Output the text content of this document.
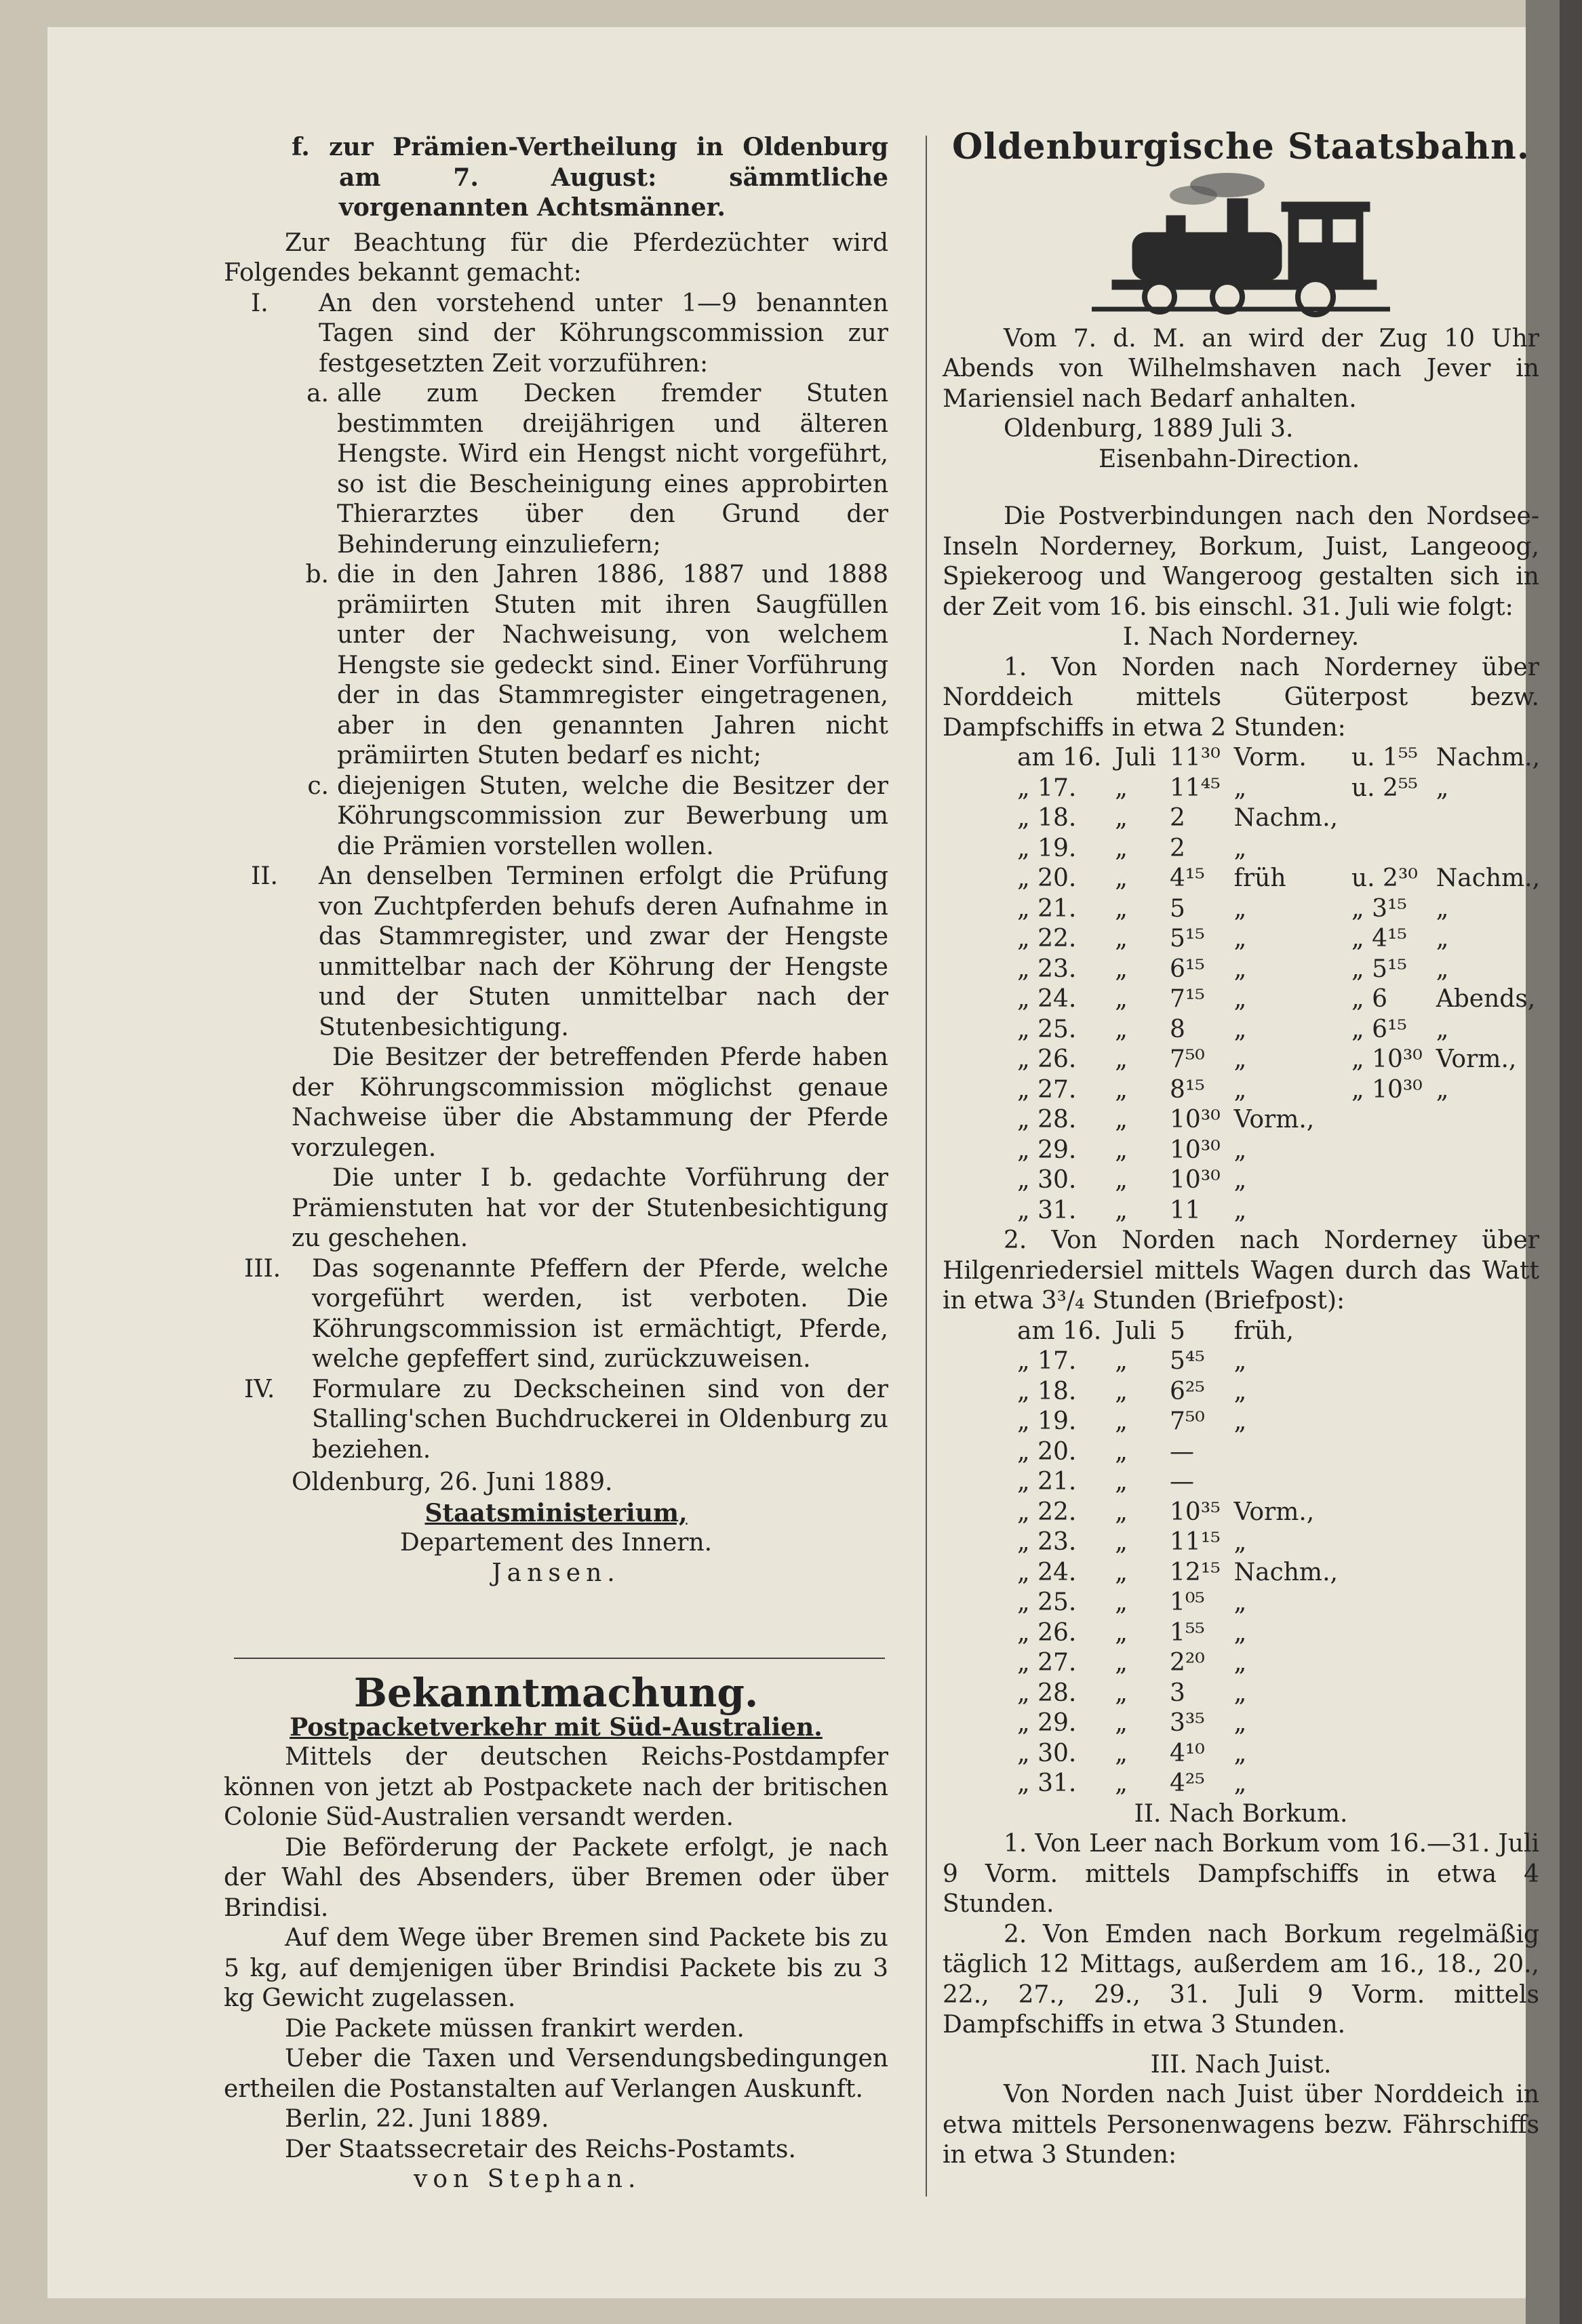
f. zur Prämien-Vertheilung in Oldenburg am 7. August: sämmtliche vorgenannten Achtsmänner.

Zur Beachtung für die Pferdezüchter wird Folgendes bekannt gemacht:

I.	An den vorstehend unter 1—9 benannten Tagen sind der Köhrungscommission zur festgesetzten Zeit vorzuführen:
a. alle zum Decken fremder Stuten bestimmten dreijährigen und älteren Hengste. Wird ein Hengst nicht vorgeführt, so ist die Bescheinigung eines approbirten Thierarztes über den Grund der Behinderung einzuliefern;
b. die in den Jahren 1886, 1887 und 1888 prämiirten Stuten mit ihren Saugfüllen unter der Nachweisung, von welchem Hengste sie gedeckt sind. Einer Vorführung der in das Stammregister eingetragenen, aber in den genannten Jahren nicht prämiirten Stuten bedarf es nicht;
c. diejenigen Stuten, welche die Besitzer der Köhrungscommission zur Bewerbung um die Prämien vorstellen wollen.
II.	An denselben Terminen erfolgt die Prüfung von Zuchtpferden behufs deren Aufnahme in das Stammregister, und zwar der Hengste unmittelbar nach der Köhrung der Hengste und der Stuten unmittelbar nach der Stutenbesichtigung.

Die Besitzer der betreffenden Pferde haben der Köhrungscommission möglichst genaue Nachweise über die Abstammung der Pferde vorzulegen.

Die unter I b. gedachte Vorführung der Prämienstuten hat vor der Stutenbesichtigung zu geschehen.

III.	Das sogenannte Pfeffern der Pferde, welche vorgeführt werden, ist verboten. Die Köhrungscommission ist ermächtigt, Pferde, welche gepfeffert sind, zurückzuweisen.
IV.	Formulare zu Deckscheinen sind von der Stalling'schen Buchdruckerei in Oldenburg zu beziehen.

Oldenburg, 26. Juni 1889.

Staatsministerium,

Departement des Innern.

Jansen.

Bekanntmachung.

Postpacketverkehr mit Süd-Australien.

Mittels der deutschen Reichs-Postdampfer können von jetzt ab Postpackete nach der britischen Colonie Süd-Australien versandt werden.

Die Beförderung der Packete erfolgt, je nach der Wahl des Absenders, über Bremen oder über Brindisi.

Auf dem Wege über Bremen sind Packete bis zu 5 kg, auf demjenigen über Brindisi Packete bis zu 3 kg Gewicht zugelassen.

Die Packete müssen frankirt werden.

Ueber die Taxen und Versendungsbedingungen ertheilen die Postanstalten auf Verlangen Auskunft.

Berlin, 22. Juni 1889.

Der Staatssecretair des Reichs-Postamts.

von Stephan.

Oldenburgische Staatsbahn.

Vom 7. d. M. an wird der Zug 10 Uhr Abends von Wilhelmshaven nach Jever in Mariensiel nach Bedarf anhalten.

Oldenburg, 1889 Juli 3.

Eisenbahn-Direction.

Die Postverbindungen nach den Nordsee-Inseln Norderney, Borkum, Juist, Langeoog, Spiekeroog und Wangeroog gestalten sich in der Zeit vom 16. bis einschl. 31. Juli wie folgt:

I. Nach Norderney.

1. Von Norden nach Norderney über Norddeich mittels Güterpost bezw. Dampfschiffs in etwa 2 Stunden:

am 16.	Juli	11³⁰	Vorm.	u. 1⁵⁵	Nachm.,
„ 17.	„	11⁴⁵	„	u. 2⁵⁵	„
„ 18.	„	2	Nachm.,		
„ 19.	„	2	„		
„ 20.	„	4¹⁵	früh	u. 2³⁰	Nachm.,
„ 21.	„	5	„	„ 3¹⁵	„
„ 22.	„	5¹⁵	„	„ 4¹⁵	„
„ 23.	„	6¹⁵	„	„ 5¹⁵	„
„ 24.	„	7¹⁵	„	„ 6	Abends,
„ 25.	„	8	„	„ 6¹⁵	„
„ 26.	„	7⁵⁰	„	„ 10³⁰	Vorm.,
„ 27.	„	8¹⁵	„	„ 10³⁰	„
„ 28.	„	10³⁰	Vorm.,		
„ 29.	„	10³⁰	„		
„ 30.	„	10³⁰	„		
„ 31.	„	11	„		

2. Von Norden nach Norderney über Hilgenriedersiel mittels Wagen durch das Watt in etwa 3³/₄ Stunden (Briefpost):

am 16.	Juli	5	früh,
„ 17.	„	5⁴⁵	„
„ 18.	„	6²⁵	„
„ 19.	„	7⁵⁰	„
„ 20.	„	—	
„ 21.	„	—	
„ 22.	„	10³⁵	Vorm.,
„ 23.	„	11¹⁵	„
„ 24.	„	12¹⁵	Nachm.,
„ 25.	„	1⁰⁵	„
„ 26.	„	1⁵⁵	„
„ 27.	„	2²⁰	„
„ 28.	„	3	„
„ 29.	„	3³⁵	„
„ 30.	„	4¹⁰	„
„ 31.	„	4²⁵	„

II. Nach Borkum.

1. Von Leer nach Borkum vom 16.—31. Juli 9 Vorm. mittels Dampfschiffs in etwa 4 Stunden.

2. Von Emden nach Borkum regelmäßig täglich 12 Mittags, außerdem am 16., 18., 20., 22., 27., 29., 31. Juli 9 Vorm. mittels Dampfschiffs in etwa 3 Stunden.

III. Nach Juist.

Von Norden nach Juist über Norddeich in etwa mittels Personenwagens bezw. Fährschiffs in etwa 3 Stunden:
